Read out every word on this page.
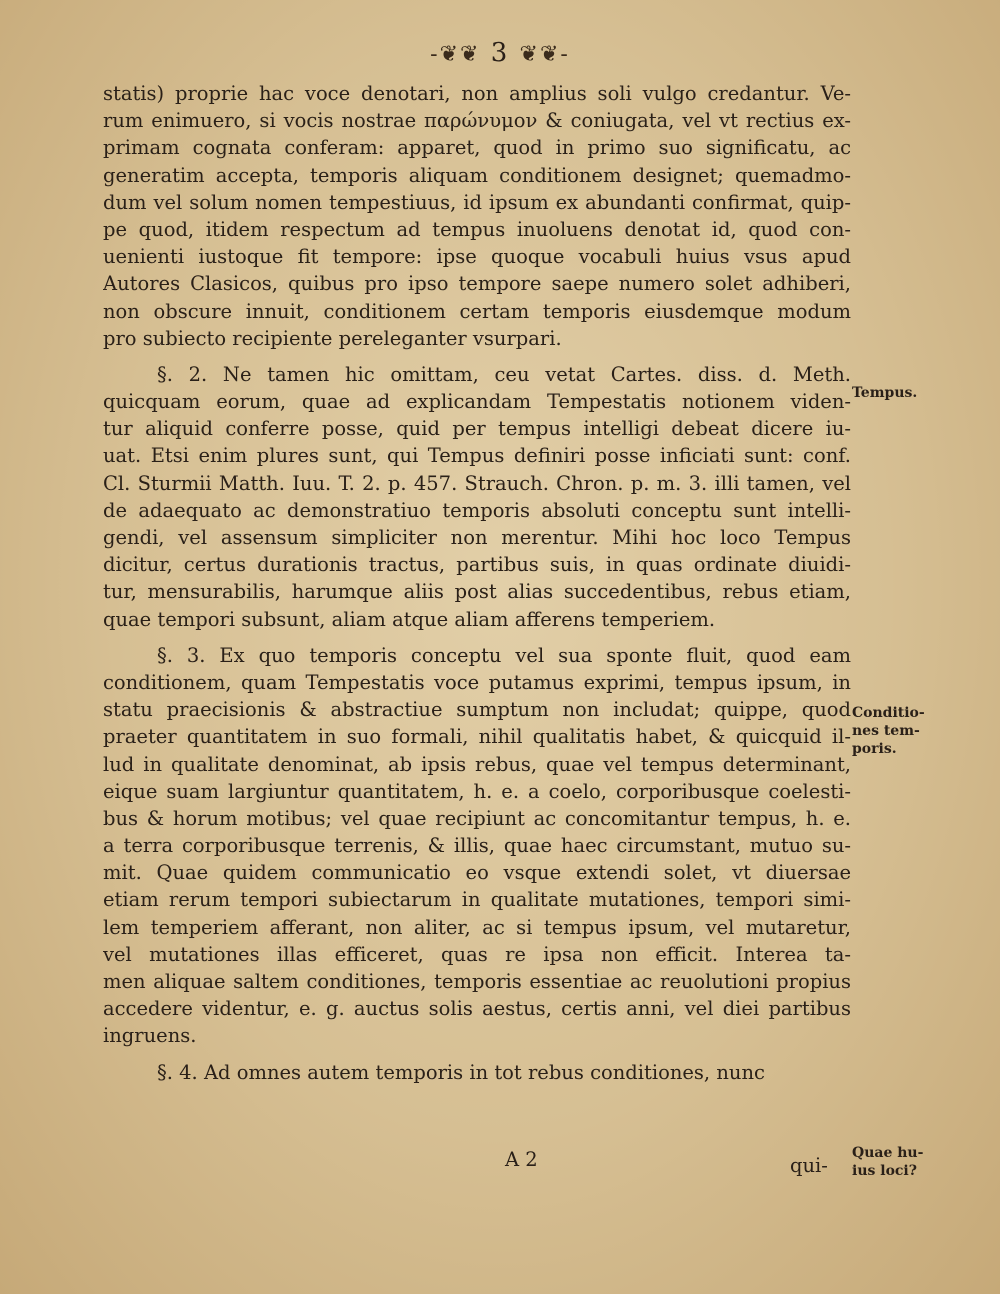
-❦❦ 3 ❦❦-
statis) proprie hac voce denotari, non amplius soli vulgo credantur. Ve-
rum enimuero, si vocis nostrae παρώνυμον & coniugata, vel vt rectius ex-
primam cognata conferam: apparet, quod in primo suo significatu, ac
generatim accepta, temporis aliquam conditionem designet; quemadmo-
dum vel solum nomen tempestiuus, id ipsum ex abundanti confirmat, quip-
pe quod, itidem respectum ad tempus inuoluens denotat id, quod con-
uenienti iustoque fit tempore: ipse quoque vocabuli huius vsus apud
Autores Clasicos, quibus pro ipso tempore saepe numero solet adhiberi,
non obscure innuit, conditionem certam temporis eiusdemque modum
pro subiecto recipiente pereleganter vsurpari.
§. 2. Ne tamen hic omittam, ceu vetat Cartes. diss. d. Meth.
quicquam eorum, quae ad explicandam Tempestatis notionem viden-
tur aliquid conferre posse, quid per tempus intelligi debeat dicere iu-
uat. Etsi enim plures sunt, qui Tempus definiri posse inficiati sunt: conf.
Cl. Sturmii Matth. Iuu. T. 2. p. 457. Strauch. Chron. p. m. 3. illi tamen, vel
de adaequato ac demonstratiuo temporis absoluti conceptu sunt intelli-
gendi, vel assensum simpliciter non merentur. Mihi hoc loco Tempus
dicitur, certus durationis tractus, partibus suis, in quas ordinate diuidi-
tur, mensurabilis, harumque aliis post alias succedentibus, rebus etiam,
quae tempori subsunt, aliam atque aliam afferens temperiem.
§. 3. Ex quo temporis conceptu vel sua sponte fluit, quod eam
conditionem, quam Tempestatis voce putamus exprimi, tempus ipsum, in
statu praecisionis & abstractiue sumptum non includat; quippe, quod
praeter quantitatem in suo formali, nihil qualitatis habet, & quicquid il-
lud in qualitate denominat, ab ipsis rebus, quae vel tempus determinant,
eique suam largiuntur quantitatem, h. e. a coelo, corporibusque coelesti-
bus & horum motibus; vel quae recipiunt ac concomitantur tempus, h. e.
a terra corporibusque terrenis, & illis, quae haec circumstant, mutuo su-
mit. Quae quidem communicatio eo vsque extendi solet, vt diuersae
etiam rerum tempori subiectarum in qualitate mutationes, tempori simi-
lem temperiem afferant, non aliter, ac si tempus ipsum, vel mutaretur,
vel mutationes illas efficeret, quas re ipsa non efficit. Interea ta-
men aliquae saltem conditiones, temporis essentiae ac reuolutioni propius
accedere videntur, e. g. auctus solis aestus, certis anni, vel diei partibus
ingruens.
§. 4. Ad omnes autem temporis in tot rebus conditiones, nunc
Tempus.

Conditio-
nes tem-
poris.

Quae hu-
ius loci?

A 2	qui-
